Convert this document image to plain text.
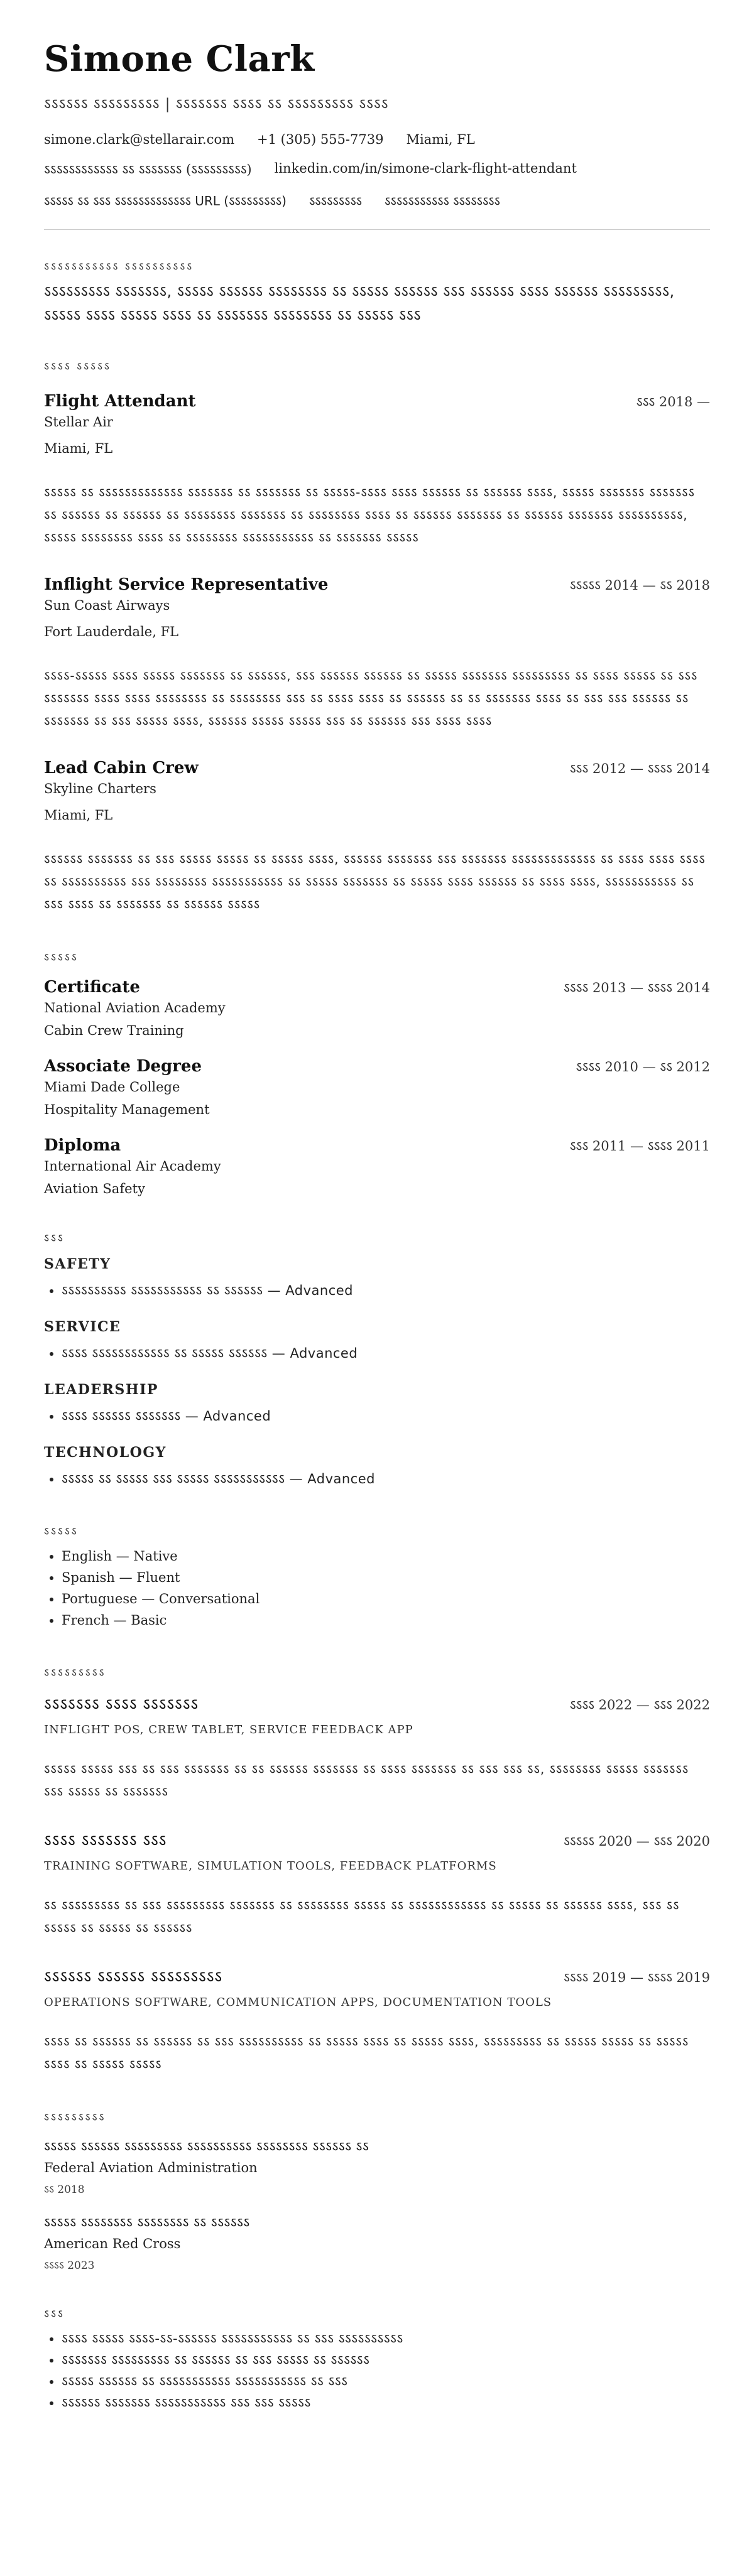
Simone Clark
ऽऽऽऽऽऽ ऽऽऽऽऽऽऽऽऽ | ऽऽऽऽऽऽऽ ऽऽऽऽ ऽऽ ऽऽऽऽऽऽऽऽऽ ऽऽऽऽ
simone.clark@stellarair.com +1 (305) 555-7739 Miami, FL
ऽऽऽऽऽऽऽऽऽऽऽऽ ऽऽ ऽऽऽऽऽऽऽ (ऽऽऽऽऽऽऽऽऽ) linkedin.com/in/simone-clark-flight-attendant
ऽऽऽऽऽ ऽऽ ऽऽऽ ऽऽऽऽऽऽऽऽऽऽऽऽऽ URL (ऽऽऽऽऽऽऽऽऽ) ऽऽऽऽऽऽऽऽऽ ऽऽऽऽऽऽऽऽऽऽऽ ऽऽऽऽऽऽऽऽ
ऽऽऽऽऽऽऽऽऽऽऽ ऽऽऽऽऽऽऽऽऽऽ
ऽऽऽऽऽऽऽऽऽ ऽऽऽऽऽऽऽ, ऽऽऽऽऽ ऽऽऽऽऽऽ ऽऽऽऽऽऽऽऽ ऽऽ ऽऽऽऽऽ ऽऽऽऽऽऽ ऽऽऽ ऽऽऽऽऽऽ ऽऽऽऽ ऽऽऽऽऽऽ ऽऽऽऽऽऽऽऽऽ, ऽऽऽऽऽ ऽऽऽऽ ऽऽऽऽऽ ऽऽऽऽ ऽऽ ऽऽऽऽऽऽऽ ऽऽऽऽऽऽऽऽ ऽऽ ऽऽऽऽऽ ऽऽऽ
ऽऽऽऽ ऽऽऽऽऽ
Flight Attendant	ऽऽऽ 2018 —
Stellar Air
Miami, FL
ऽऽऽऽऽ ऽऽ ऽऽऽऽऽऽऽऽऽऽऽऽऽ ऽऽऽऽऽऽऽ ऽऽ ऽऽऽऽऽऽऽ ऽऽ ऽऽऽऽऽ-ऽऽऽऽ ऽऽऽऽ ऽऽऽऽऽऽ ऽऽ ऽऽऽऽऽऽ ऽऽऽऽ, ऽऽऽऽऽ ऽऽऽऽऽऽऽ ऽऽऽऽऽऽऽ ऽऽ ऽऽऽऽऽऽ ऽऽ ऽऽऽऽऽऽ ऽऽ ऽऽऽऽऽऽऽऽ ऽऽऽऽऽऽऽ ऽऽ ऽऽऽऽऽऽऽऽ ऽऽऽऽ ऽऽ ऽऽऽऽऽऽ ऽऽऽऽऽऽऽ ऽऽ ऽऽऽऽऽऽ ऽऽऽऽऽऽऽ ऽऽऽऽऽऽऽऽऽऽ, ऽऽऽऽऽ ऽऽऽऽऽऽऽऽ ऽऽऽऽ ऽऽ ऽऽऽऽऽऽऽऽ ऽऽऽऽऽऽऽऽऽऽऽ ऽऽ ऽऽऽऽऽऽऽ ऽऽऽऽऽ
Inflight Service Representative	ऽऽऽऽऽ 2014 — ऽऽ 2018
Sun Coast Airways
Fort Lauderdale, FL
ऽऽऽऽ-ऽऽऽऽऽ ऽऽऽऽ ऽऽऽऽऽ ऽऽऽऽऽऽऽ ऽऽ ऽऽऽऽऽऽ, ऽऽऽ ऽऽऽऽऽऽ ऽऽऽऽऽऽ ऽऽ ऽऽऽऽऽ ऽऽऽऽऽऽऽ ऽऽऽऽऽऽऽऽऽ ऽऽ ऽऽऽऽ ऽऽऽऽऽ ऽऽ ऽऽऽ ऽऽऽऽऽऽऽ ऽऽऽऽ ऽऽऽऽ ऽऽऽऽऽऽऽऽ ऽऽ ऽऽऽऽऽऽऽऽ ऽऽऽ ऽऽ ऽऽऽऽ ऽऽऽऽ ऽऽ ऽऽऽऽऽऽ ऽऽ ऽऽ ऽऽऽऽऽऽऽ ऽऽऽऽ ऽऽ ऽऽऽ ऽऽऽ ऽऽऽऽऽऽ ऽऽ ऽऽऽऽऽऽऽ ऽऽ ऽऽऽ ऽऽऽऽऽ ऽऽऽऽ, ऽऽऽऽऽऽ ऽऽऽऽऽ ऽऽऽऽऽ ऽऽऽ ऽऽ ऽऽऽऽऽऽ ऽऽऽ ऽऽऽऽ ऽऽऽऽ
Lead Cabin Crew	ऽऽऽ 2012 — ऽऽऽऽ 2014
Skyline Charters
Miami, FL
ऽऽऽऽऽऽ ऽऽऽऽऽऽऽ ऽऽ ऽऽऽ ऽऽऽऽऽ ऽऽऽऽऽ ऽऽ ऽऽऽऽऽ ऽऽऽऽ, ऽऽऽऽऽऽ ऽऽऽऽऽऽऽ ऽऽऽ ऽऽऽऽऽऽऽ ऽऽऽऽऽऽऽऽऽऽऽऽऽ ऽऽ ऽऽऽऽ ऽऽऽऽ ऽऽऽऽ ऽऽ ऽऽऽऽऽऽऽऽऽऽ ऽऽऽ ऽऽऽऽऽऽऽऽ ऽऽऽऽऽऽऽऽऽऽऽ ऽऽ ऽऽऽऽऽ ऽऽऽऽऽऽऽ ऽऽ ऽऽऽऽऽ ऽऽऽऽ ऽऽऽऽऽऽ ऽऽ ऽऽऽऽ ऽऽऽऽ, ऽऽऽऽऽऽऽऽऽऽऽ ऽऽ ऽऽऽ ऽऽऽऽ ऽऽ ऽऽऽऽऽऽऽ ऽऽ ऽऽऽऽऽऽ ऽऽऽऽऽ
ऽऽऽऽऽ
Certificate	ऽऽऽऽ 2013 — ऽऽऽऽ 2014
National Aviation Academy
Cabin Crew Training
Associate Degree	ऽऽऽऽ 2010 — ऽऽ 2012
Miami Dade College
Hospitality Management
Diploma	ऽऽऽ 2011 — ऽऽऽऽ 2011
International Air Academy
Aviation Safety
ऽऽऽ
SAFETY
• ऽऽऽऽऽऽऽऽऽऽ ऽऽऽऽऽऽऽऽऽऽऽ ऽऽ ऽऽऽऽऽऽ — Advanced
SERVICE
• ऽऽऽऽ ऽऽऽऽऽऽऽऽऽऽऽऽ ऽऽ ऽऽऽऽऽ ऽऽऽऽऽऽ — Advanced
LEADERSHIP
• ऽऽऽऽ ऽऽऽऽऽऽ ऽऽऽऽऽऽऽ — Advanced
TECHNOLOGY
• ऽऽऽऽऽ ऽऽ ऽऽऽऽऽ ऽऽऽ ऽऽऽऽऽ ऽऽऽऽऽऽऽऽऽऽऽ — Advanced
ऽऽऽऽऽ
• English — Native
• Spanish — Fluent
• Portuguese — Conversational
• French — Basic
ऽऽऽऽऽऽऽऽऽ
ऽऽऽऽऽऽऽ ऽऽऽऽ ऽऽऽऽऽऽऽ	ऽऽऽऽ 2022 — ऽऽऽ 2022
INFLIGHT POS, CREW TABLET, SERVICE FEEDBACK APP
ऽऽऽऽऽ ऽऽऽऽऽ ऽऽऽ ऽऽ ऽऽऽ ऽऽऽऽऽऽऽ ऽऽ ऽऽ ऽऽऽऽऽऽ ऽऽऽऽऽऽऽ ऽऽ ऽऽऽऽ ऽऽऽऽऽऽऽ ऽऽ ऽऽऽ ऽऽऽ ऽऽ, ऽऽऽऽऽऽऽऽ ऽऽऽऽऽ ऽऽऽऽऽऽऽ ऽऽऽ ऽऽऽऽऽ ऽऽ ऽऽऽऽऽऽऽ
ऽऽऽऽ ऽऽऽऽऽऽऽ ऽऽऽ	ऽऽऽऽऽ 2020 — ऽऽऽ 2020
TRAINING SOFTWARE, SIMULATION TOOLS, FEEDBACK PLATFORMS
ऽऽ ऽऽऽऽऽऽऽऽऽ ऽऽ ऽऽऽ ऽऽऽऽऽऽऽऽऽ ऽऽऽऽऽऽऽ ऽऽ ऽऽऽऽऽऽऽऽ ऽऽऽऽऽ ऽऽ ऽऽऽऽऽऽऽऽऽऽऽऽ ऽऽ ऽऽऽऽऽ ऽऽ ऽऽऽऽऽऽ ऽऽऽऽ, ऽऽऽ ऽऽ ऽऽऽऽऽ ऽऽ ऽऽऽऽऽ ऽऽ ऽऽऽऽऽऽ
ऽऽऽऽऽऽ ऽऽऽऽऽऽ ऽऽऽऽऽऽऽऽऽ	ऽऽऽऽ 2019 — ऽऽऽऽ 2019
OPERATIONS SOFTWARE, COMMUNICATION APPS, DOCUMENTATION TOOLS
ऽऽऽऽ ऽऽ ऽऽऽऽऽऽ ऽऽ ऽऽऽऽऽऽ ऽऽ ऽऽऽ ऽऽऽऽऽऽऽऽऽऽ ऽऽ ऽऽऽऽऽ ऽऽऽऽ ऽऽ ऽऽऽऽऽ ऽऽऽऽ, ऽऽऽऽऽऽऽऽऽ ऽऽ ऽऽऽऽऽ ऽऽऽऽऽ ऽऽ ऽऽऽऽऽ ऽऽऽऽ ऽऽ ऽऽऽऽऽ ऽऽऽऽऽ
ऽऽऽऽऽऽऽऽऽ
ऽऽऽऽऽ ऽऽऽऽऽऽ ऽऽऽऽऽऽऽऽऽ ऽऽऽऽऽऽऽऽऽऽ ऽऽऽऽऽऽऽऽ ऽऽऽऽऽऽ ऽऽ
Federal Aviation Administration
ऽऽ 2018
ऽऽऽऽऽ ऽऽऽऽऽऽऽऽ ऽऽऽऽऽऽऽऽ ऽऽ ऽऽऽऽऽऽ
American Red Cross
ऽऽऽऽ 2023
ऽऽऽ
• ऽऽऽऽ ऽऽऽऽऽ ऽऽऽऽ-ऽऽ-ऽऽऽऽऽऽ ऽऽऽऽऽऽऽऽऽऽऽ ऽऽ ऽऽऽ ऽऽऽऽऽऽऽऽऽऽ
• ऽऽऽऽऽऽऽ ऽऽऽऽऽऽऽऽऽ ऽऽ ऽऽऽऽऽऽ ऽऽ ऽऽऽ ऽऽऽऽऽ ऽऽ ऽऽऽऽऽऽ
• ऽऽऽऽऽ ऽऽऽऽऽऽ ऽऽ ऽऽऽऽऽऽऽऽऽऽऽ ऽऽऽऽऽऽऽऽऽऽऽ ऽऽ ऽऽऽ
• ऽऽऽऽऽऽ ऽऽऽऽऽऽऽ ऽऽऽऽऽऽऽऽऽऽऽ ऽऽऽ ऽऽऽ ऽऽऽऽऽ
